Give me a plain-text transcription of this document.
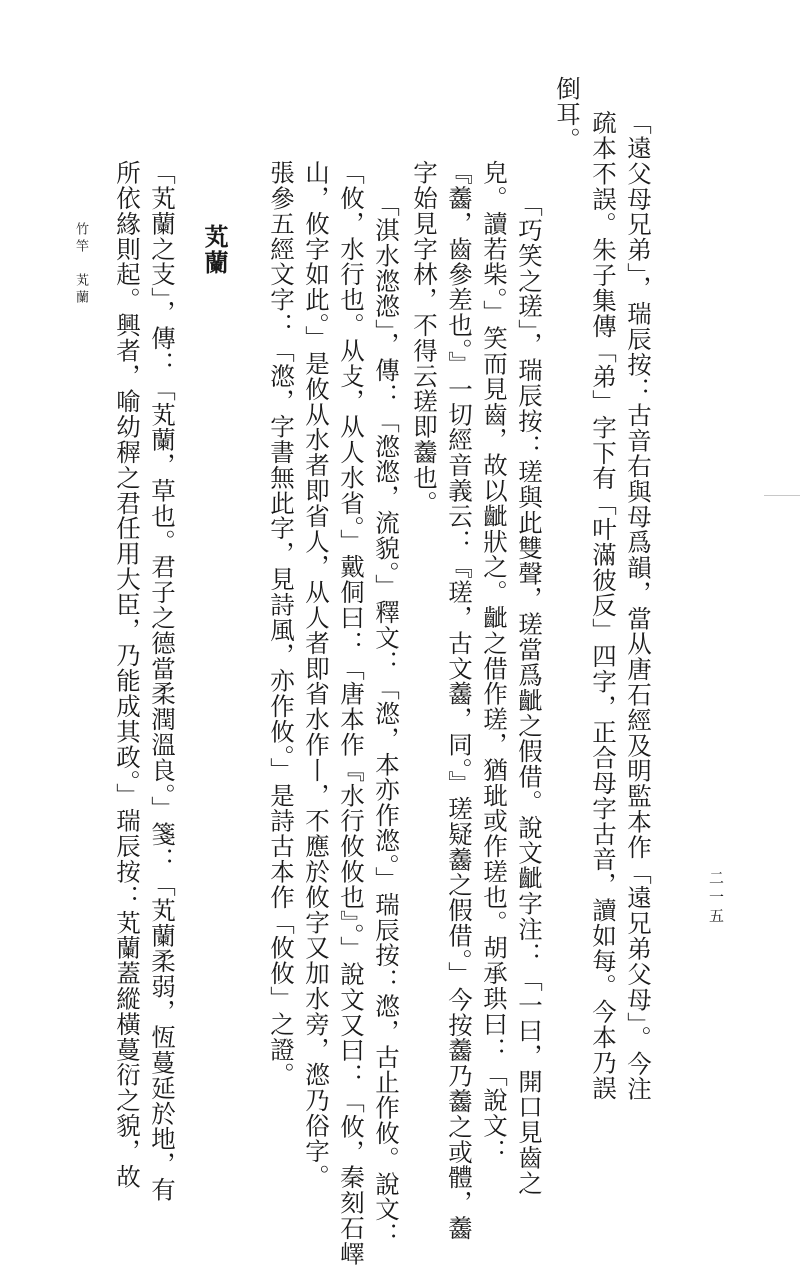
「遠父母兄弟」，瑞辰按：古音右與母爲韻，當从唐石經及明監本作「遠兄弟父母」。今注
疏本不誤。朱子集傳「弟」字下有「叶滿彼反」四字，正合母字古音，讀如每。今本乃誤
倒耳。
「巧笑之瑳」，瑞辰按：瑳與此雙聲，瑳當爲齜之假借。說文齜字注：「一曰，開口見齒之
皃。讀若柴。」笑而見齒，故以齜狀之。齜之借作瑳，猶玼或作瑳也。胡承珙曰：「說文：
『齹，齒參差也。』一切經音義云：『瑳，古文齹，同。』瑳疑齹之假借。」今按齹乃齹之或體，齹
字始見字林，不得云瑳即齹也。
「淇水滺滺」，傳：「滺滺，流貌。」釋文：「滺，本亦作滺。」瑞辰按：滺，古止作攸。說文：
「攸，水行也。从攴，从人水省。」戴侗曰：「唐本作『水行攸攸也』。」說文又曰：「攸，秦刻石嶧
山，攸字如此。」是攸从水者即省人，从人者即省水作丨，不應於攸字又加水旁，滺乃俗字。
張參五經文字：「滺，字書無此字，見詩風，亦作攸。」是詩古本作「攸攸」之證。
芄蘭
「芄蘭之支」，傳：「芄蘭，草也。君子之德當柔潤溫良。」箋：「芄蘭柔弱，恆蔓延於地，有
所依緣則起。興者，喻幼稺之君任用大臣，乃能成其政。」瑞辰按：芄蘭蓋縱橫蔓衍之貌，故
竹竿　芄蘭
二一五
